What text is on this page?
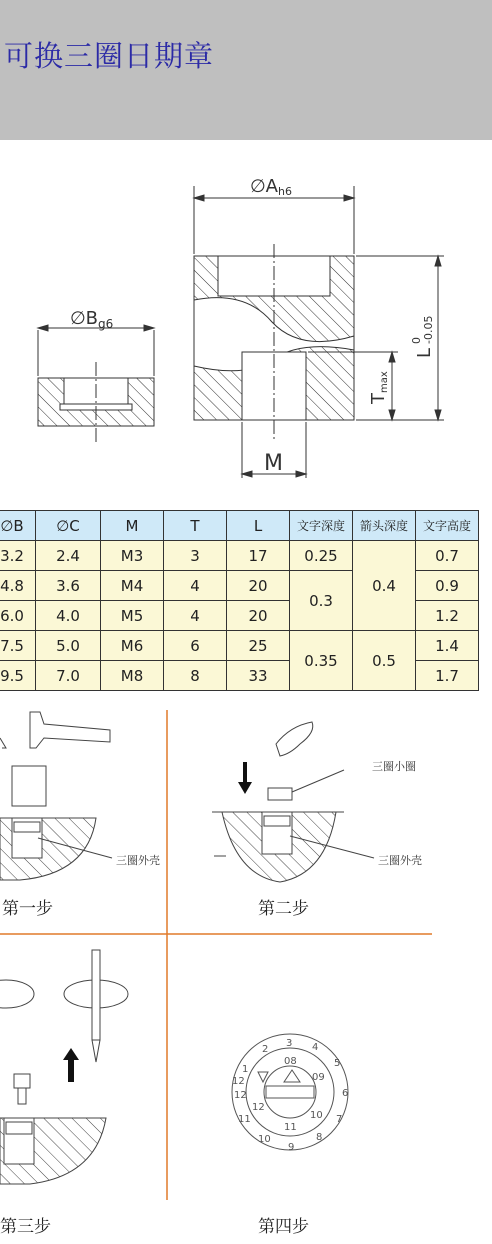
可换三圈日期章
$\emptyset B_{g6}$
∅Ah6
M
Tmax
L
0 -0.05
∅B	∅C	M	T	L	文字深度	箭头深度	文字高度
3.2	2.4	M3	3	17	0.25	0.4	0.7
4.8	3.6	M4	4	20	0.3		0.9
6.0	4.0	M5	4	20			1.2
7.5	5.0	M6	6	25	0.35	0.5	1.4
9.5	7.0	M8	8	33			1.7
三圈外壳
第一步
三圈小圈
三圈外壳
第二步
第三步
2
3 4
5
6
7
8
9
10
11
12
1
08
09
10
11
12
12
第四步
